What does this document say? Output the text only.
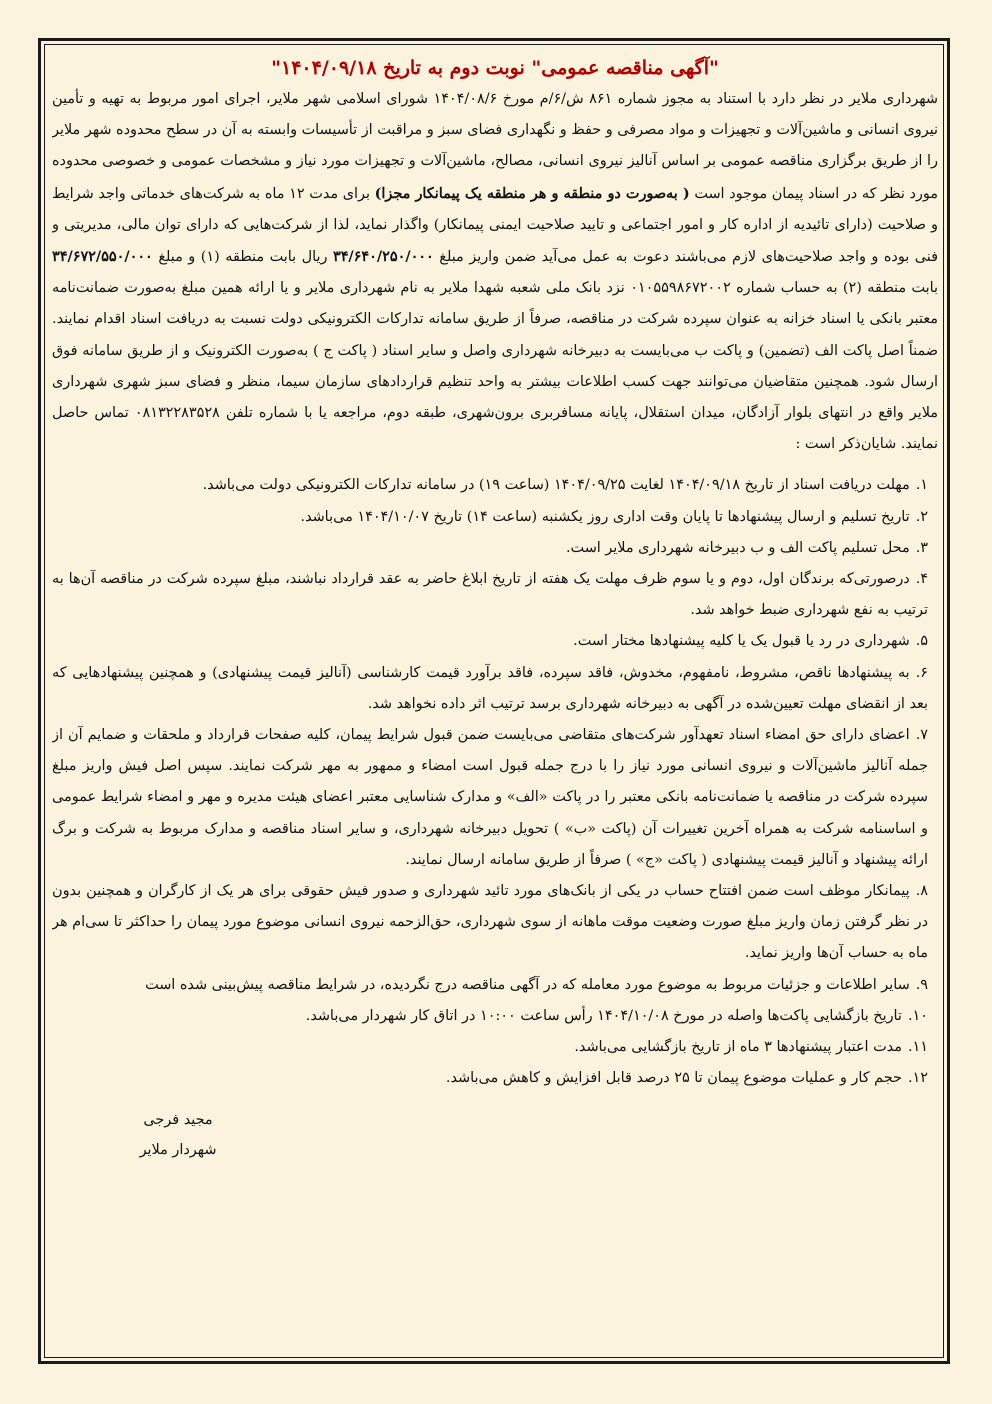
"آگهی مناقصه عمومی" نوبت دوم به تاریخ ۱۴۰۴/۰۹/۱۸"

شهرداری ملایر در نظر دارد با استناد به مجوز شماره ۸۶۱ ش/۶/م مورخ ۱۴۰۴/۰۸/۶ شورای اسلامی شهر ملایر، اجرای امور مربوط به تهیه و تأمین نیروی انسانی و ماشین‌آلات و تجهیزات و مواد مصرفی و حفظ و نگهداری فضای سبز و مراقبت از تأسیسات وابسته به آن در سطح محدوده شهر ملایر را از طریق برگزاری مناقصه عمومی بر اساس آنالیز نیروی انسانی، مصالح، ماشین‌آلات و تجهیزات مورد نیاز و مشخصات عمومی و خصوصی محدوده مورد نظر که در اسناد پیمان موجود است ( به‌صورت دو منطقه و هر منطقه یک پیمانکار مجزا) برای مدت ۱۲ ماه به شرکت‌های خدماتی واجد شرایط و صلاحیت (دارای تائیدیه از اداره کار و امور اجتماعی و تایید صلاحیت ایمنی پیمانکار) واگذار نماید، لذا از شرکت‌هایی که دارای توان مالی، مدیریتی و فنی بوده و واجد صلاحیت‌های لازم می‌باشند دعوت به عمل می‌آید ضمن واریز مبلغ ۳۴/۶۴۰/۲۵۰/۰۰۰ ریال بابت منطقه (۱) و مبلغ ۳۴/۶۷۲/۵۵۰/۰۰۰ بابت منطقه (۲) به حساب شماره ۰۱۰۵۵۹۸۶۷۲۰۰۲ نزد بانک ملی شعبه شهدا ملایر به نام شهرداری ملایر و یا ارائه همین مبلغ به‌صورت ضمانت‌نامه معتبر بانکی یا اسناد خزانه به عنوان سپرده شرکت در مناقصه، صرفاً از طریق سامانه تدارکات الکترونیکی دولت نسبت به دریافت اسناد اقدام نمایند. ضمناً اصل پاکت الف (تضمین) و پاکت ب می‌بایست به دبیرخانه شهرداری واصل و سایر اسناد ( پاکت ج ) به‌صورت الکترونیک و از طریق سامانه فوق ارسال شود. همچنین متقاضیان می‌توانند جهت کسب اطلاعات بیشتر به واحد تنظیم قراردادهای سازمان سیما، منظر و فضای سبز شهری شهرداری ملایر واقع در انتهای بلوار آزادگان، میدان استقلال، پایانه مسافربری برون‌شهری، طبقه دوم، مراجعه یا با شماره تلفن ۰۸۱۳۲۲۸۳۵۲۸ تماس حاصل نمایند. شایان‌ذکر است :

۱.مهلت دریافت اسناد از تاریخ ۱۴۰۴/۰۹/۱۸ لغایت ۱۴۰۴/۰۹/۲۵ (ساعت ۱۹) در سامانه تدارکات الکترونیکی دولت می‌باشد.
۲.تاریخ تسلیم و ارسال پیشنهادها تا پایان وقت اداری روز یکشنبه (ساعت ۱۴) تاریخ ۱۴۰۴/۱۰/۰۷ می‌باشد.
۳.محل تسلیم پاکت الف و ب دبیرخانه شهرداری ملایر است.
۴.درصورتی‌که برندگان اول، دوم و یا سوم ظرف مهلت یک هفته از تاریخ ابلاغ حاضر به عقد قرارداد نباشند، مبلغ سپرده شرکت در مناقصه آن‌ها به ترتیب به نفع شهرداری ضبط خواهد شد.
۵.شهرداری در رد یا قبول یک یا کلیه پیشنهادها مختار است.
۶.به پیشنهادها ناقص، مشروط، نامفهوم، مخدوش، فاقد سپرده، فاقد برآورد قیمت کارشناسی (آنالیز قیمت پیشنهادی) و همچنین پیشنهادهایی که بعد از انقضای مهلت تعیین‌شده در آگهی به دبیرخانه شهرداری برسد ترتیب اثر داده نخواهد شد.
۷.اعضای دارای حق امضاء اسناد تعهدآور شرکت‌های متقاضی می‌بایست ضمن قبول شرایط پیمان، کلیه صفحات قرارداد و ملحقات و ضمایم آن از جمله آنالیز ماشین‌آلات و نیروی انسانی مورد نیاز را با درج جمله قبول است امضاء و ممهور به مهر شرکت نمایند. سپس اصل فیش واریز مبلغ سپرده شرکت در مناقصه یا ضمانت‌نامه بانکی معتبر را در پاکت «الف» و مدارک شناسایی معتبر اعضای هیئت مدیره و مهر و امضاء شرایط عمومی و اساسنامه شرکت به همراه آخرین تغییرات آن (پاکت «ب» ) تحویل دبیرخانه شهرداری، و سایر اسناد مناقصه و مدارک مربوط به شرکت و برگ ارائه پیشنهاد و آنالیز قیمت پیشنهادی ( پاکت «ج» ) صرفاً از طریق سامانه ارسال نمایند.
۸.پیمانکار موظف است ضمن افتتاح حساب در یکی از بانک‌های مورد تائید شهرداری و صدور فیش حقوقی برای هر یک از کارگران و همچنین بدون در نظر گرفتن زمان واریز مبلغ صورت وضعیت موقت ماهانه از سوی شهرداری، حق‌الزحمه نیروی انسانی موضوع مورد پیمان را حداکثر تا سی‌ام هر ماه به حساب آن‌ها واریز نماید.
۹.سایر اطلاعات و جزئیات مربوط به موضوع مورد معامله که در آگهی مناقصه درج نگردیده، در شرایط مناقصه پیش‌بینی شده است
۱۰.تاریخ بازگشایی پاکت‌ها واصله در مورخ ۱۴۰۴/۱۰/۰۸ رأس ساعت ۱۰:۰۰ در اتاق کار شهردار می‌باشد.
۱۱.مدت اعتبار پیشنهادها ۳ ماه از تاریخ بازگشایی می‌باشد.
۱۲.حجم کار و عملیات موضوع پیمان تا ۲۵ درصد قابل افزایش و کاهش می‌باشد.
مجید فرجی
شهردار ملایر
